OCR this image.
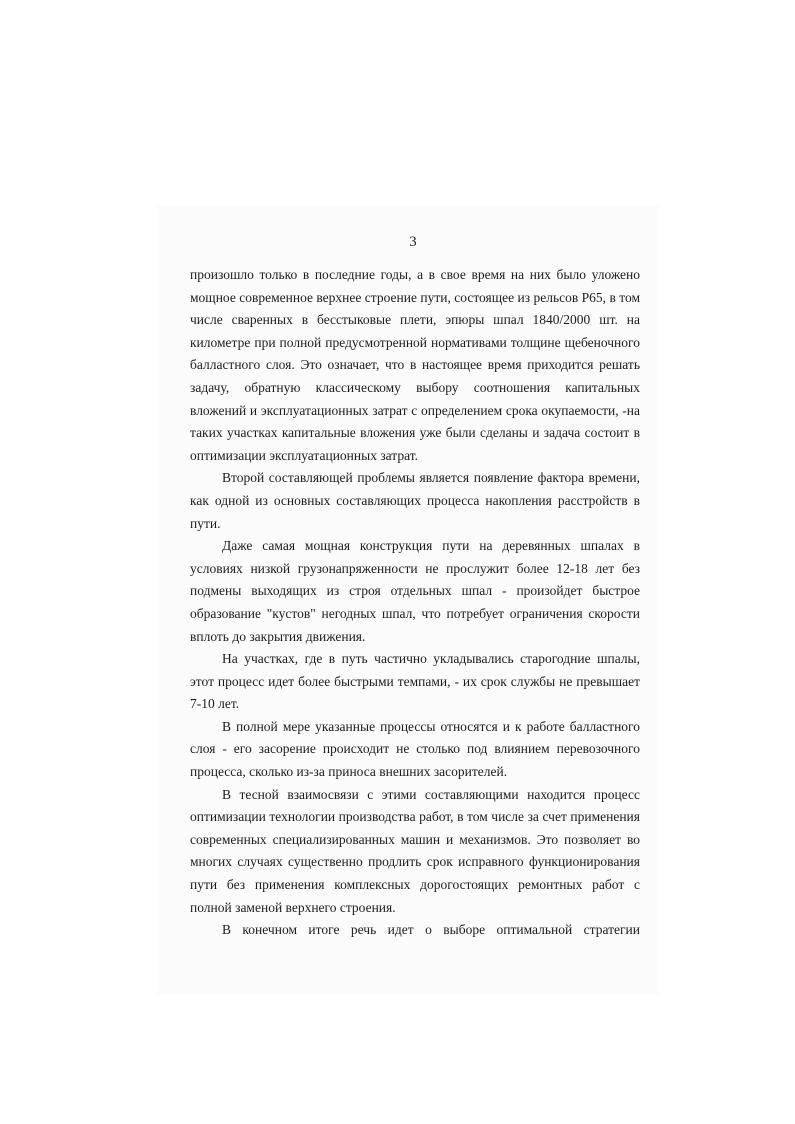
3

произошло только в последние годы, а в свое время на них было уложено мощное современное верхнее строение пути, состоящее из рельсов Р65, в том числе сваренных в бесстыковые плети, эпюры шпал 1840/2000 шт. на километре при полной предусмотренной нормативами толщине щебеночного балластного слоя. Это означает, что в настоящее время приходится решать задачу, обратную классическому выбору соотношения капитальных вложений и эксплуатационных затрат с определением срока окупаемости, -на таких участках капитальные вложения уже были сделаны и задача состоит в оптимизации эксплуатационных затрат.

Второй составляющей проблемы является появление фактора времени, как одной из основных составляющих процесса накопления расстройств в пути.

Даже самая мощная конструкция пути на деревянных шпалах в условиях низкой грузонапряженности не прослужит более 12-18 лет без подмены выходящих из строя отдельных шпал - произойдет быстрое образование "кустов" негодных шпал, что потребует ограничения скорости вплоть до закрытия движения.

На участках, где в путь частично укладывались старогодние шпалы, этот процесс идет более быстрыми темпами, - их срок службы не превышает 7-10 лет.

В полной мере указанные процессы относятся и к работе балластного слоя - его засорение происходит не столько под влиянием перевозочного процесса, сколько из-за приноса внешних засорителей.

В тесной взаимосвязи с этими составляющими находится процесс оптимизации технологии производства работ, в том числе за счет применения современных специализированных машин и механизмов. Это позволяет во многих случаях существенно продлить срок исправного функционирования пути без применения комплексных дорогостоящих ремонтных работ с полной заменой верхнего строения.

В конечном итоге речь идет о выборе оптимальной стратегии
